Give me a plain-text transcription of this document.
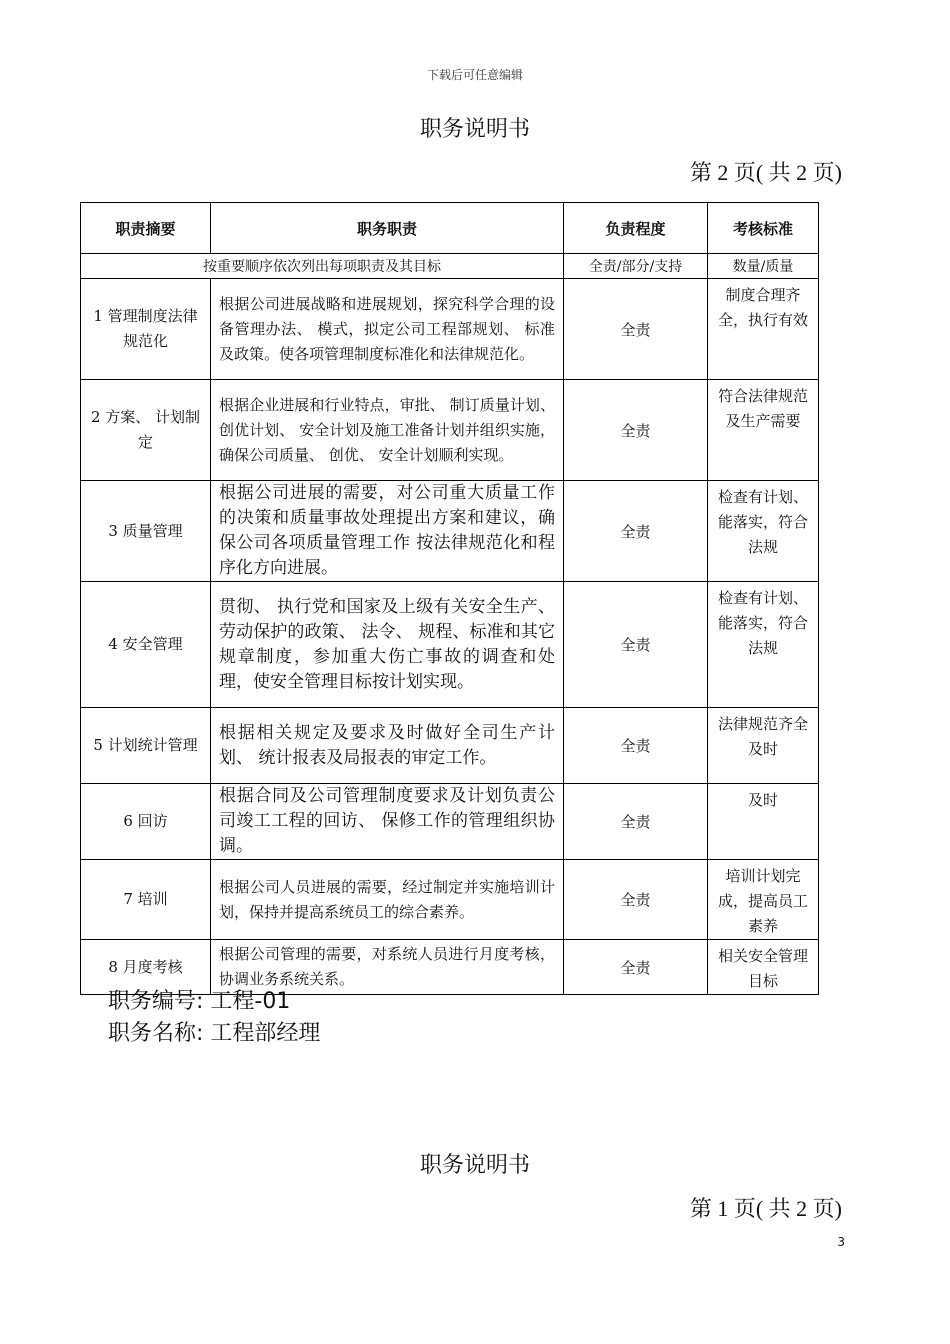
下载后可任意编辑
职务说明书
第 2 页( 共 2 页)
职责摘要	职务职责	负责程度	考核标准
按重要顺序依次列出每项职责及其目标		全责/部分/支持	数量/质量
1 管理制度法律规范化	根据公司进展战略和进展规划，探究科学合理的设备管理办法、 模式，拟定公司工程部规划、 标准及政策。使各项管理制度标准化和法律规范化。	全责	制度合理齐全，执行有效
2 方案、 计划制定	根据企业进展和行业特点，审批、 制订质量计划、 创优计划、 安全计划及施工准备计划并组织实施，确保公司质量、 创优、 安全计划顺利实现。	全责	符合法律规范及生产需要
3 质量管理	根据公司进展的需要，对公司重大质量工作的决策和质量事故处理提出方案和建议，确保公司各项质量管理工作 按法律规范化和程序化方向进展。	全责	检查有计划、 能落实，符合法规
4 安全管理	贯彻、 执行党和国家及上级有关安全生产、 劳动保护的政策、 法令、 规程、标准和其它规章制度，参加重大伤亡事故的调查和处理，使安全管理目标按计划实现。	全责	检查有计划、 能落实，符合法规
5 计划统计管理	根据相关规定及要求及时做好全司生产计划、 统计报表及局报表的审定工作。	全责	法律规范齐全及时
6 回访	根据合同及公司管理制度要求及计划负责公司竣工工程的回访、 保修工作的管理组织协调。	全责	及时
7 培训	根据公司人员进展的需要，经过制定并实施培训计划，保持并提高系统员工的综合素养。	全责	培训计划完成，提高员工素养
8 月度考核	根据公司管理的需要，对系统人员进行月度考核，协调业务系统关系。	全责	相关安全管理目标
职务编号: 工程-01
职务名称: 工程部经理
职务说明书
第 1 页( 共 2 页)
3
